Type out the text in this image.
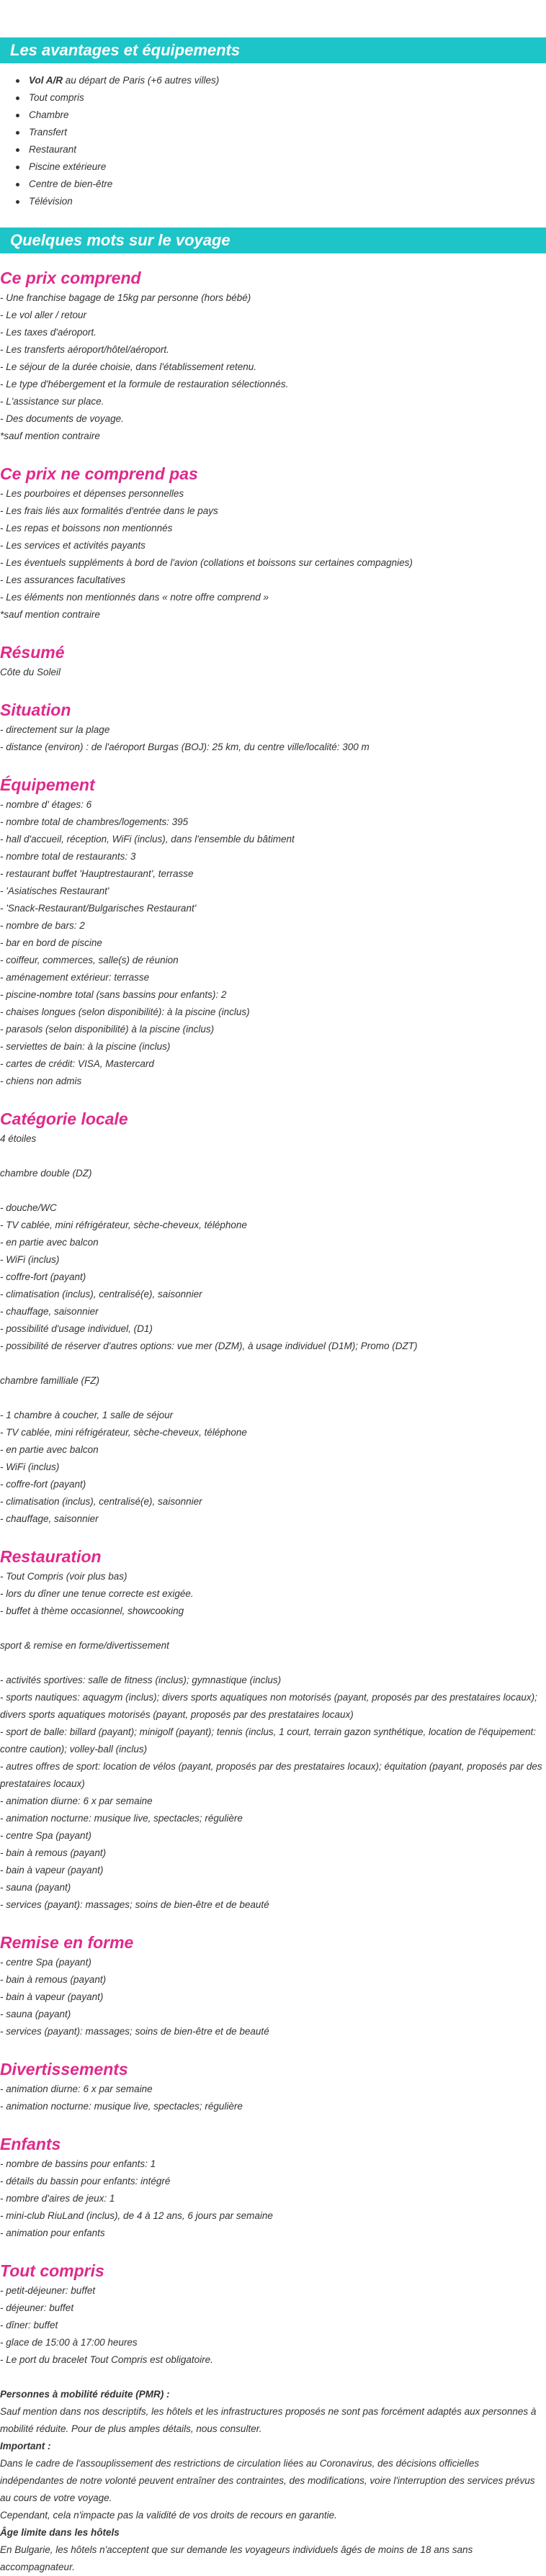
Les avantages et équipements
Vol A/R au départ de Paris (+6 autres villes)
Tout compris
Chambre
Transfert
Restaurant
Piscine extérieure
Centre de bien-être
Télévision
Quelques mots sur le voyage
Ce prix comprend

- Une franchise bagage de 15kg par personne (hors bébé)

- Le vol aller / retour

- Les taxes d'aéroport.

- Les transferts aéroport/hôtel/aéroport.

- Le séjour de la durée choisie, dans l'établissement retenu.

- Le type d'hébergement et la formule de restauration sélectionnés.

- L'assistance sur place.

- Des documents de voyage.

*sauf mention contraire

Ce prix ne comprend pas

- Les pourboires et dépenses personnelles

- Les frais liés aux formalités d'entrée dans le pays

- Les repas et boissons non mentionnés

- Les services et activités payants

- Les éventuels suppléments à bord de l'avion (collations et boissons sur certaines compagnies)

- Les assurances facultatives

- Les éléments non mentionnés dans « notre offre comprend »

*sauf mention contraire

Résumé

Côte du Soleil

Situation

- directement sur la plage

- distance (environ) : de l'aéroport Burgas (BOJ): 25 km, du centre ville/localité: 300 m

Équipement

- nombre d' étages: 6

- nombre total de chambres/logements: 395

- hall d'accueil, réception, WiFi (inclus), dans l'ensemble du bâtiment

- nombre total de restaurants: 3

- restaurant buffet 'Hauptrestaurant', terrasse

- 'Asiatisches Restaurant'

- 'Snack-Restaurant/Bulgarisches Restaurant'

- nombre de bars: 2

- bar en bord de piscine

- coiffeur, commerces, salle(s) de réunion

- aménagement extérieur: terrasse

- piscine-nombre total (sans bassins pour enfants): 2

- chaises longues (selon disponibilité): à la piscine (inclus)

- parasols (selon disponibilité) à la piscine (inclus)

- serviettes de bain: à la piscine (inclus)

- cartes de crédit: VISA, Mastercard

- chiens non admis

Catégorie locale

4 étoiles

chambre double (DZ)

- douche/WC

- TV cablée, mini réfrigérateur, sèche-cheveux, téléphone

- en partie avec balcon

- WiFi (inclus)

- coffre-fort (payant)

- climatisation (inclus), centralisé(e), saisonnier

- chauffage, saisonnier

- possibilité d'usage individuel, (D1)

- possibilité de réserver d'autres options: vue mer (DZM), à usage individuel (D1M); Promo (DZT)

chambre familliale (FZ)

- 1 chambre à coucher, 1 salle de séjour

- TV cablée, mini réfrigérateur, sèche-cheveux, téléphone

- en partie avec balcon

- WiFi (inclus)

- coffre-fort (payant)

- climatisation (inclus), centralisé(e), saisonnier

- chauffage, saisonnier

Restauration

- Tout Compris (voir plus bas)

- lors du dîner une tenue correcte est exigée.

- buffet à thème occasionnel, showcooking

sport & remise en forme/divertissement

- activités sportives: salle de fitness (inclus); gymnastique (inclus)

- sports nautiques: aquagym (inclus); divers sports aquatiques non motorisés (payant, proposés par des prestataires locaux); divers sports aquatiques motorisés (payant, proposés par des prestataires locaux)

- sport de balle: billard (payant); minigolf (payant); tennis (inclus, 1 court, terrain gazon synthétique, location de l'équipement: contre caution); volley-ball (inclus)

- autres offres de sport: location de vélos (payant, proposés par des prestataires locaux); équitation (payant, proposés par des prestataires locaux)

- animation diurne: 6 x par semaine

- animation nocturne: musique live, spectacles; régulière

- centre Spa (payant)

- bain à remous (payant)

- bain à vapeur (payant)

- sauna (payant)

- services (payant): massages; soins de bien-être et de beauté

Remise en forme

- centre Spa (payant)

- bain à remous (payant)

- bain à vapeur (payant)

- sauna (payant)

- services (payant): massages; soins de bien-être et de beauté

Divertissements

- animation diurne: 6 x par semaine

- animation nocturne: musique live, spectacles; régulière

Enfants

- nombre de bassins pour enfants: 1

- détails du bassin pour enfants: intégré

- nombre d'aires de jeux: 1

- mini-club RiuLand (inclus), de 4 à 12 ans, 6 jours par semaine

- animation pour enfants

Tout compris

- petit-déjeuner: buffet

- déjeuner: buffet

- dîner: buffet

- glace de 15:00 à 17:00 heures

- Le port du bracelet Tout Compris est obligatoire.

Personnes à mobilité réduite (PMR) :

Sauf mention dans nos descriptifs, les hôtels et les infrastructures proposés ne sont pas forcément adaptés aux personnes à mobilité réduite. Pour de plus amples détails, nous consulter.

Important :

Dans le cadre de l'assouplissement des restrictions de circulation liées au Coronavirus, des décisions officielles indépendantes de notre volonté peuvent entraîner des contraintes, des modifications, voire l'interruption des services prévus au cours de votre voyage.

Cependant, cela n'impacte pas la validité de vos droits de recours en garantie.

Âge limite dans les hôtels

En Bulgarie, les hôtels n'acceptent que sur demande les voyageurs individuels âgés de moins de 18 ans sans accompagnateur.
